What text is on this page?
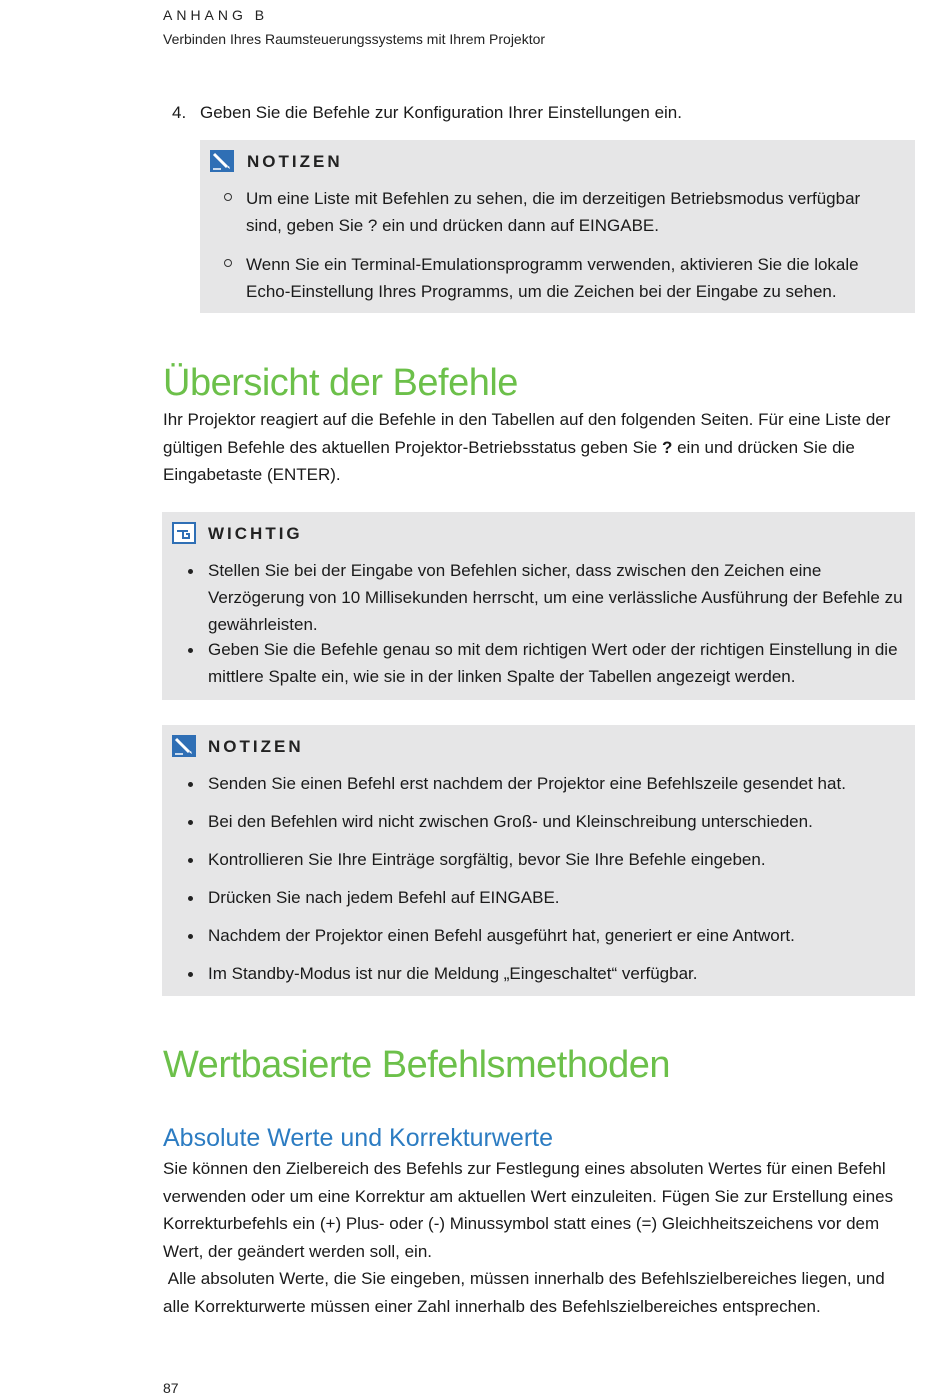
ANHANG B
Verbinden Ihres Raumsteuerungssystems mit Ihrem Projektor
4. Geben Sie die Befehle zur Konfiguration Ihrer Einstellungen ein.
NOTIZEN
Um eine Liste mit Befehlen zu sehen, die im derzeitigen Betriebsmodus verfügbar sind, geben Sie ? ein und drücken dann auf EINGABE.
Wenn Sie ein Terminal-Emulationsprogramm verwenden, aktivieren Sie die lokale Echo-Einstellung Ihres Programms, um die Zeichen bei der Eingabe zu sehen.
Übersicht der Befehle

Ihr Projektor reagiert auf die Befehle in den Tabellen auf den folgenden Seiten. Für eine Liste der gültigen Befehle des aktuellen Projektor-Betriebsstatus geben Sie ? ein und drücken Sie die Eingabetaste (ENTER).

WICHTIG
Stellen Sie bei der Eingabe von Befehlen sicher, dass zwischen den Zeichen eine Verzögerung von 10 Millisekunden herrscht, um eine verlässliche Ausführung der Befehle zu gewährleisten.
Geben Sie die Befehle genau so mit dem richtigen Wert oder der richtigen Einstellung in die mittlere Spalte ein, wie sie in der linken Spalte der Tabellen angezeigt werden.
NOTIZEN
Senden Sie einen Befehl erst nachdem der Projektor eine Befehlszeile gesendet hat.
Bei den Befehlen wird nicht zwischen Groß- und Kleinschreibung unterschieden.
Kontrollieren Sie Ihre Einträge sorgfältig, bevor Sie Ihre Befehle eingeben.
Drücken Sie nach jedem Befehl auf EINGABE.
Nachdem der Projektor einen Befehl ausgeführt hat, generiert er eine Antwort.
Im Standby-Modus ist nur die Meldung „Eingeschaltet“ verfügbar.
Wertbasierte Befehlsmethoden
Absolute Werte und Korrekturwerte

Sie können den Zielbereich des Befehls zur Festlegung eines absoluten Wertes für einen Befehl verwenden oder um eine Korrektur am aktuellen Wert einzuleiten. Fügen Sie zur Erstellung eines Korrekturbefehls ein (+) Plus- oder (-) Minussymbol statt eines (=) Gleichheitszeichens vor dem Wert, der geändert werden soll, ein.

Alle absoluten Werte, die Sie eingeben, müssen innerhalb des Befehlszielbereiches liegen, und alle Korrekturwerte müssen einer Zahl innerhalb des Befehlszielbereiches entsprechen.

87
